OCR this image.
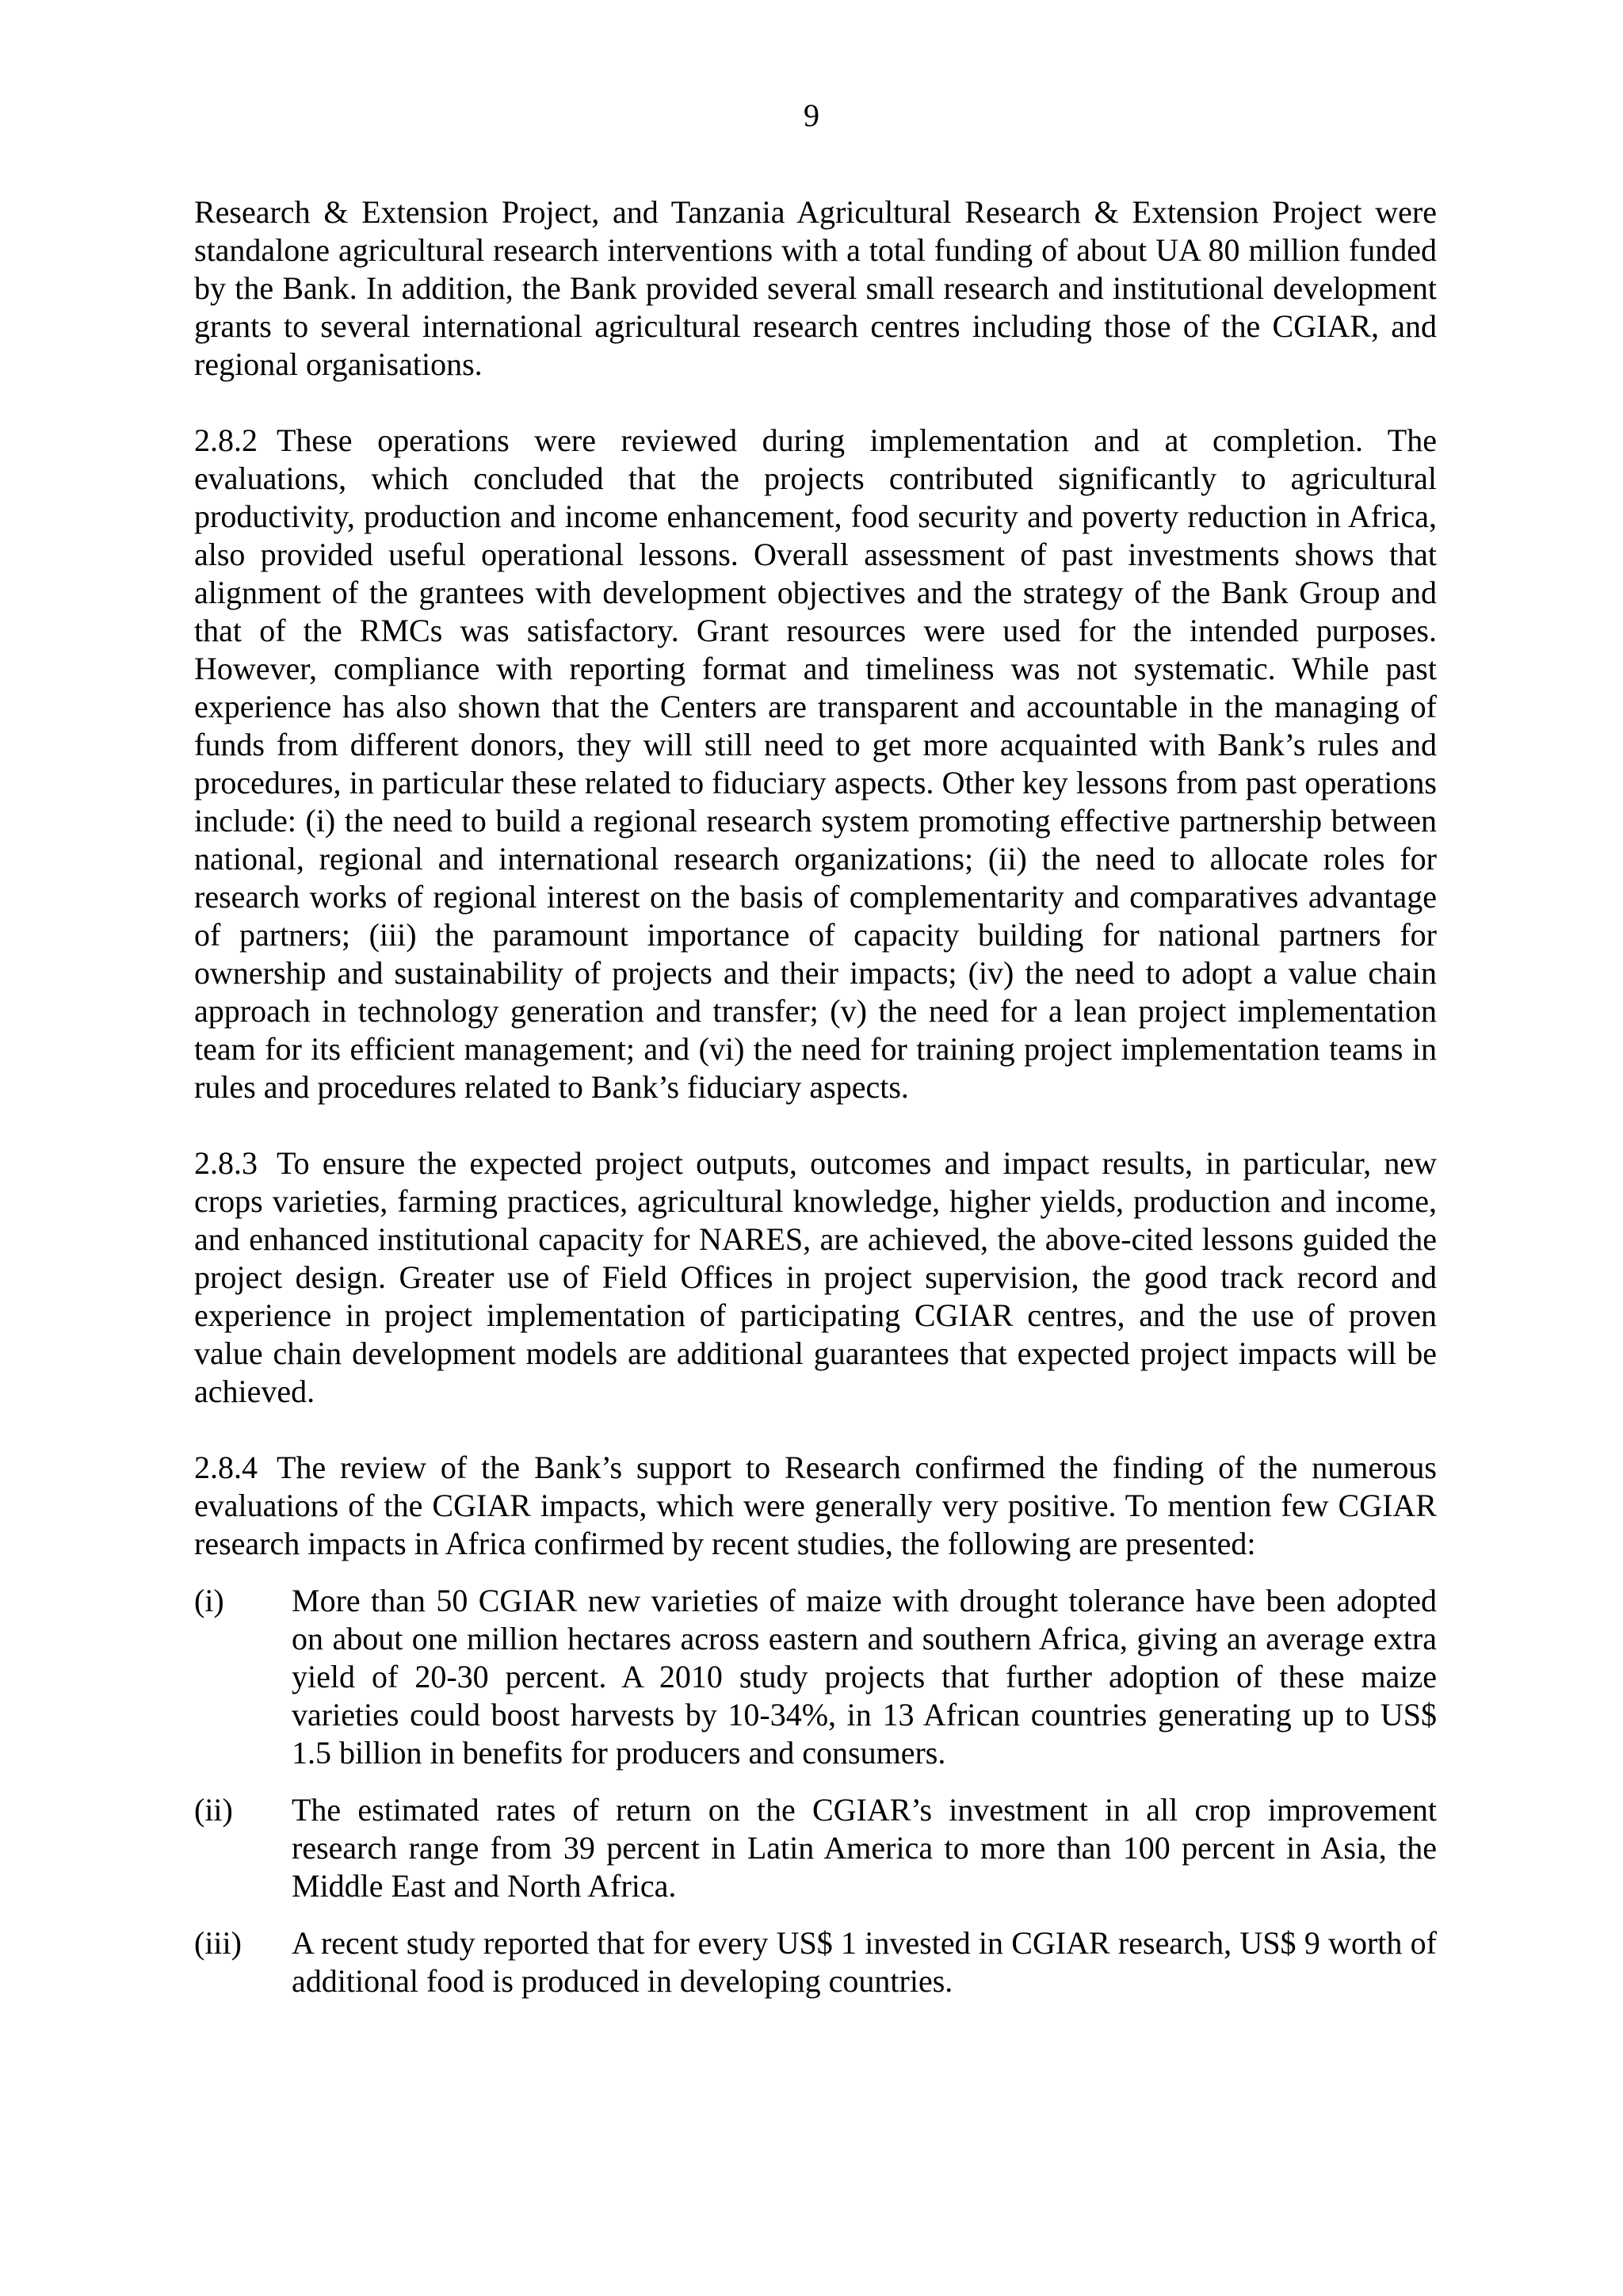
9

Research & Extension Project, and Tanzania Agricultural Research & Extension Project were standalone agricultural research interventions with a total funding of about UA 80 million funded by the Bank. In addition, the Bank provided several small research and institutional development grants to several international agricultural research centres including those of the CGIAR, and regional organisations.

2.8.2 These operations were reviewed during implementation and at completion. The evaluations, which concluded that the projects contributed significantly to agricultural productivity, production and income enhancement, food security and poverty reduction in Africa, also provided useful operational lessons. Overall assessment of past investments shows that alignment of the grantees with development objectives and the strategy of the Bank Group and that of the RMCs was satisfactory. Grant resources were used for the intended purposes. However, compliance with reporting format and timeliness was not systematic. While past experience has also shown that the Centers are transparent and accountable in the managing of funds from different donors, they will still need to get more acquainted with Bank’s rules and procedures, in particular these related to fiduciary aspects. Other key lessons from past operations include: (i) the need to build a regional research system promoting effective partnership between national, regional and international research organizations; (ii) the need to allocate roles for research works of regional interest on the basis of complementarity and comparatives advantage of partners; (iii) the paramount importance of capacity building for national partners for ownership and sustainability of projects and their impacts; (iv) the need to adopt a value chain approach in technology generation and transfer; (v) the need for a lean project implementation team for its efficient management; and (vi) the need for training project implementation teams in rules and procedures related to Bank’s fiduciary aspects.

2.8.3 To ensure the expected project outputs, outcomes and impact results, in particular, new crops varieties, farming practices, agricultural knowledge, higher yields, production and income, and enhanced institutional capacity for NARES, are achieved, the above-cited lessons guided the project design. Greater use of Field Offices in project supervision, the good track record and experience in project implementation of participating CGIAR centres, and the use of proven value chain development models are additional guarantees that expected project impacts will be achieved.

2.8.4 The review of the Bank’s support to Research confirmed the finding of the numerous evaluations of the CGIAR impacts, which were generally very positive. To mention few CGIAR research impacts in Africa confirmed by recent studies, the following are presented:

(i) More than 50 CGIAR new varieties of maize with drought tolerance have been adopted on about one million hectares across eastern and southern Africa, giving an average extra yield of 20-30 percent. A 2010 study projects that further adoption of these maize varieties could boost harvests by 10-34%, in 13 African countries generating up to US$ 1.5 billion in benefits for producers and consumers.
(ii) The estimated rates of return on the CGIAR’s investment in all crop improvement research range from 39 percent in Latin America to more than 100 percent in Asia, the Middle East and North Africa.
(iii) A recent study reported that for every US$ 1 invested in CGIAR research, US$ 9 worth of additional food is produced in developing countries.
